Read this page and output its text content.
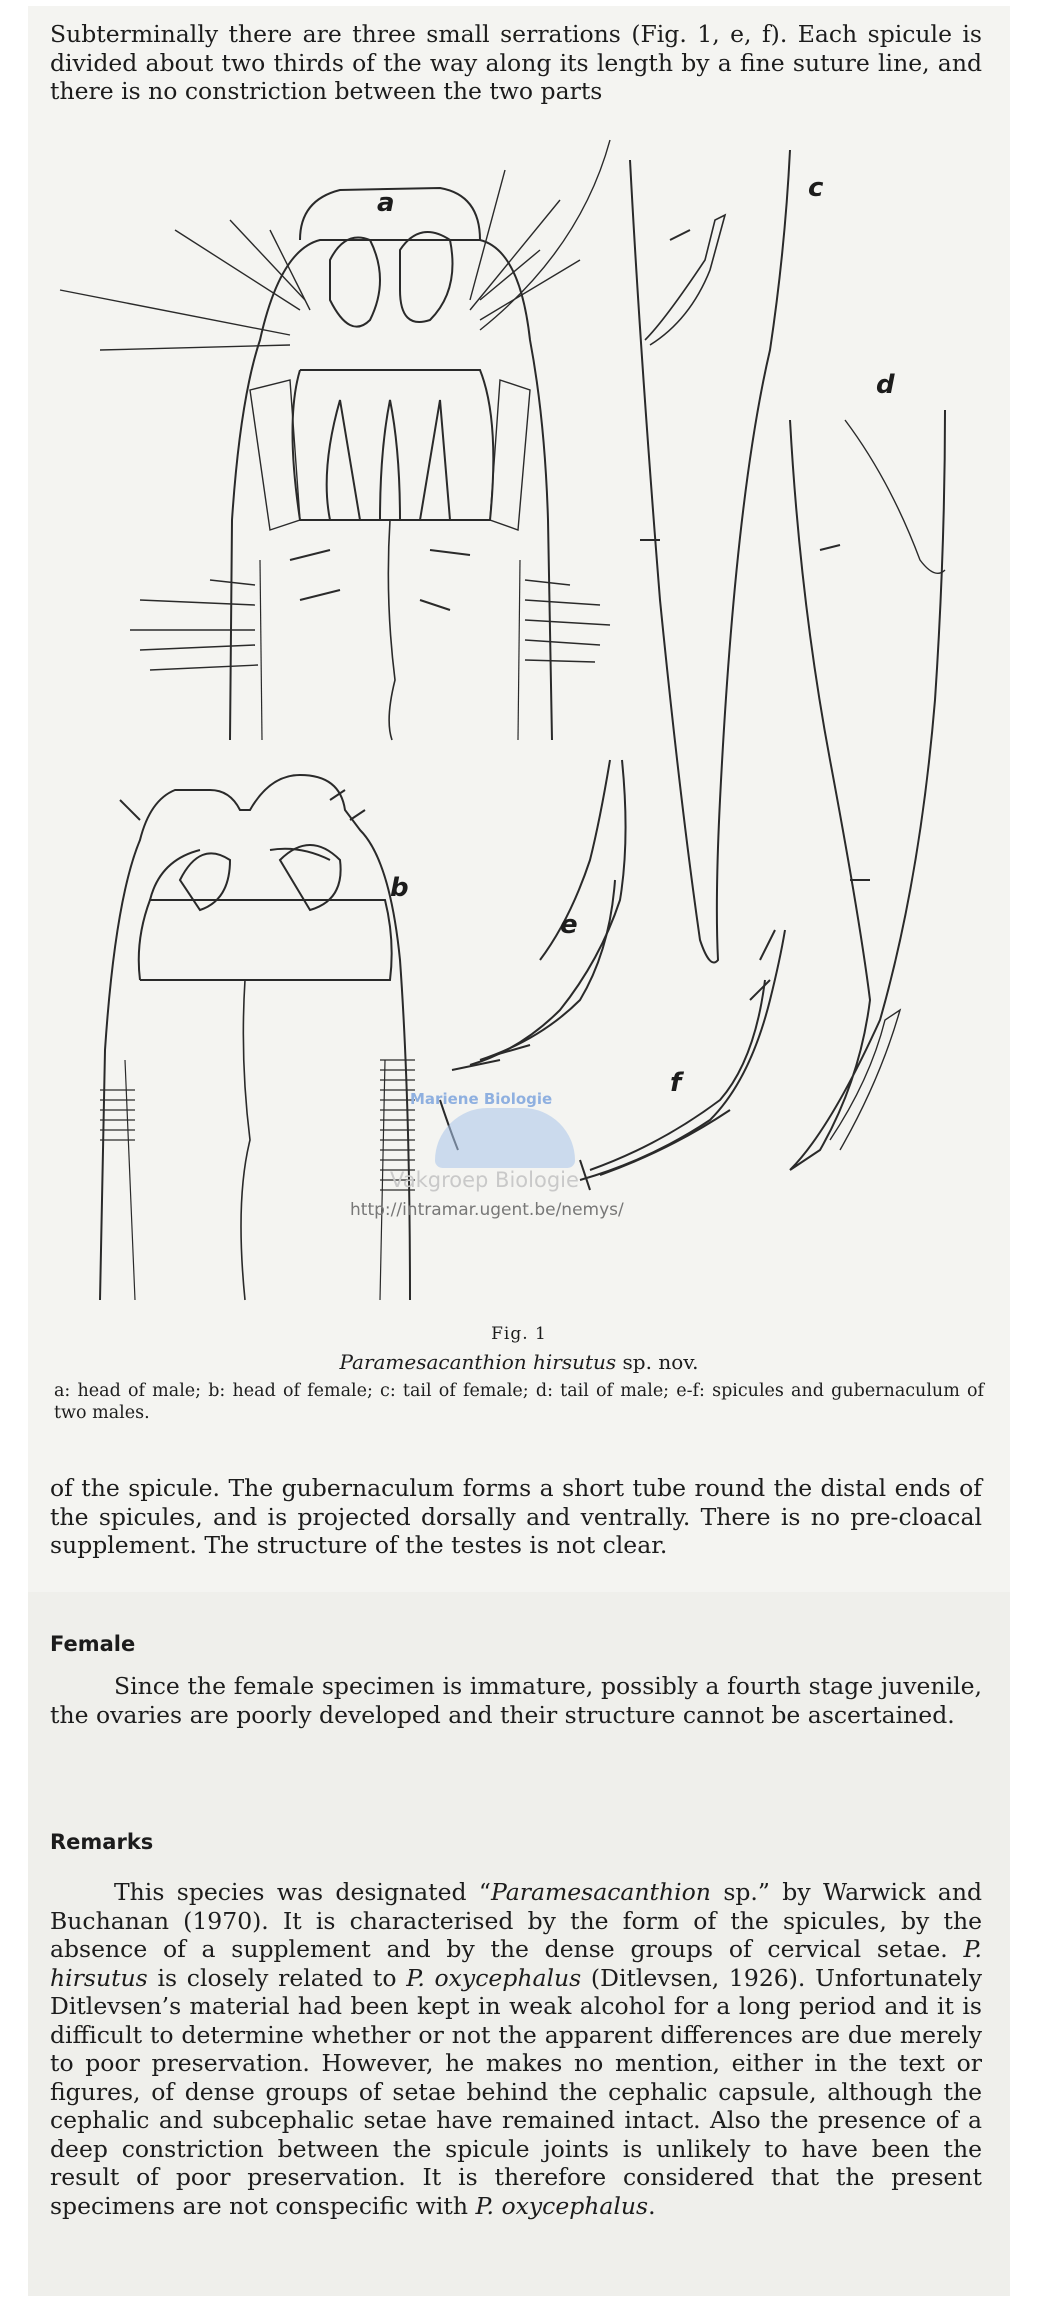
Subterminally there are three small serrations (Fig. 1, e, f). Each spicule is divided about two thirds of the way along its length by a fine suture line, and there is no constriction between the two parts

a	c
d
b
e
f
Mariene Biologie
Vakgroep Biologie
http://intramar.ugent.be/nemys/

Fig. 1

Paramesacanthion hirsutus sp. nov.

a: head of male; b: head of female; c: tail of female; d: tail of male; e-f: spicules and gubernaculum of two males.

of the spicule. The gubernaculum forms a short tube round the distal ends of the spicules, and is projected dorsally and ventrally. There is no pre-cloacal supplement. The structure of the testes is not clear.

Female

Since the female specimen is immature, possibly a fourth stage juvenile, the ovaries are poorly developed and their structure cannot be ascertained.

Remarks

This species was designated “Paramesacanthion sp.” by Warwick and Buchanan (1970). It is characterised by the form of the spicules, by the absence of a supplement and by the dense groups of cervical setae. P. hirsutus is closely related to P. oxycephalus (Ditlevsen, 1926). Unfortunately Ditlevsen’s material had been kept in weak alcohol for a long period and it is difficult to determine whether or not the apparent differences are due merely to poor preservation. However, he makes no mention, either in the text or figures, of dense groups of setae behind the cephalic capsule, although the cephalic and subcephalic setae have remained intact. Also the presence of a deep constriction between the spicule joints is unlikely to have been the result of poor preservation. It is therefore considered that the present specimens are not conspecific with P. oxycephalus.
